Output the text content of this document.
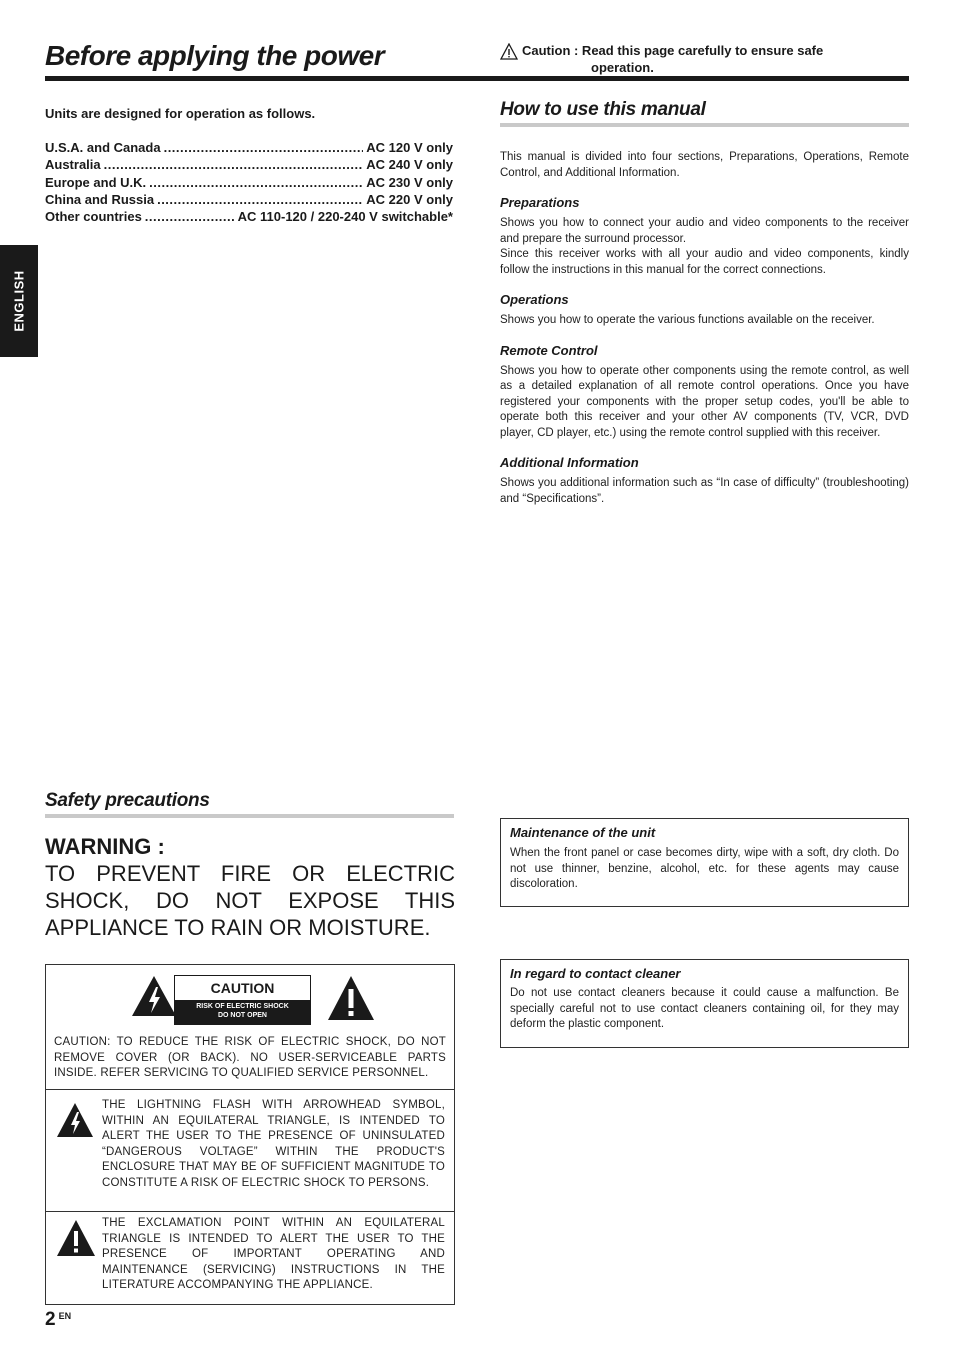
Before applying the power	Caution : Read this page carefully to ensure safe
operation.
ENGLISH
Units are designed for operation as follows.
U.S.A. and Canada .....	AC 120 V only
Australia .....	AC 240 V only
Europe and U.K. .....	AC 230 V only
China and Russia .....	AC 220 V only
Other countries .....	AC 110-120 / 220-240 V switchable*
How to use this manual
This manual is divided into four sections, Preparations, Operations, Remote Control, and Additional Information.
Preparations
Shows you how to connect your audio and video components to the receiver and prepare the surround processor.
Since this receiver works with all your audio and video components, kindly follow the instructions in this manual for the correct connections.
Operations
Shows you how to operate the various functions available on the receiver.
Remote Control
Shows you how to operate other components using the remote control, as well as a detailed explanation of all remote control operations. Once you have registered your components with the proper setup codes, you'll be able to operate both this receiver and your other AV components (TV, VCR, DVD player, CD player, etc.) using the remote control supplied with this receiver.
Additional Information
Shows you additional information such as “In case of difficulty” (troubleshooting) and “Specifications”.
Safety precautions
WARNING :
TO PREVENT FIRE OR ELECTRIC SHOCK, DO NOT EXPOSE THIS APPLIANCE TO RAIN OR MOISTURE.
CAUTION
RISK OF ELECTRIC SHOCK
DO NOT OPEN
CAUTION: TO REDUCE THE RISK OF ELECTRIC SHOCK, DO NOT REMOVE COVER (OR BACK). NO USER-SERVICEABLE PARTS INSIDE. REFER SERVICING TO QUALIFIED SERVICE PERSONNEL.
THE LIGHTNING FLASH WITH ARROWHEAD SYMBOL, WITHIN AN EQUILATERAL TRIANGLE, IS INTENDED TO ALERT THE USER TO THE PRESENCE OF UNINSULATED “DANGEROUS VOLTAGE” WITHIN THE PRODUCT'S ENCLOSURE THAT MAY BE OF SUFFICIENT MAGNITUDE TO CONSTITUTE A RISK OF ELECTRIC SHOCK TO PERSONS.
THE EXCLAMATION POINT WITHIN AN EQUILATERAL TRIANGLE IS INTENDED TO ALERT THE USER TO THE PRESENCE OF IMPORTANT OPERATING AND MAINTENANCE (SERVICING) INSTRUCTIONS IN THE LITERATURE ACCOMPANYING THE APPLIANCE.
Maintenance of the unit
When the front panel or case becomes dirty, wipe with a soft, dry cloth. Do not use thinner, benzine, alcohol, etc. for these agents may cause discoloration.
In regard to contact cleaner
Do not use contact cleaners because it could cause a malfunction. Be specially careful not to use contact cleaners containing oil, for they may deform the plastic component.
2 $^{EN}$
